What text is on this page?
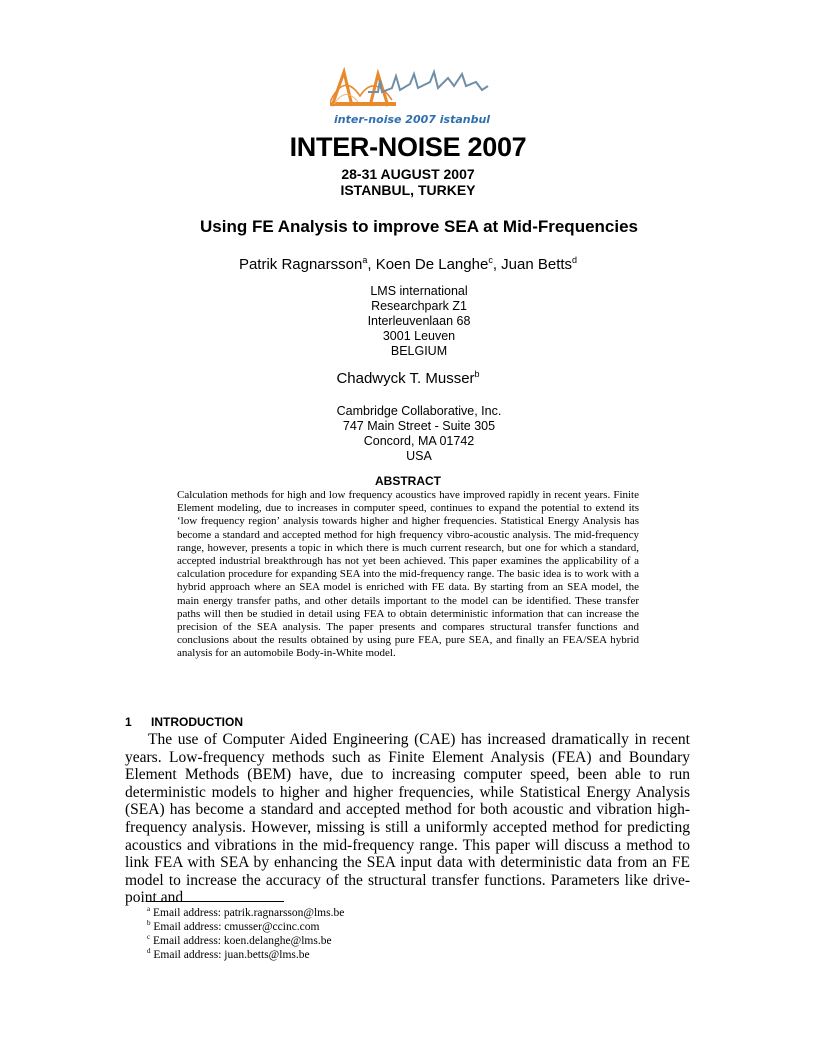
inter-noise 2007 istanbul
INTER-NOISE 2007
28-31 AUGUST 2007
ISTANBUL, TURKEY
Using FE Analysis to improve SEA at Mid-Frequencies
Patrik Ragnarsson$^a$, Koen De Langhe$^c$, Juan Betts$^d$
LMS international
Researchpark Z1
Interleuvenlaan 68
3001 Leuven
BELGIUM
Chadwyck T. Musser$^b$
Cambridge Collaborative, Inc.
747 Main Street - Suite 305
Concord, MA 01742
USA
ABSTRACT
Calculation methods for high and low frequency acoustics have improved rapidly in recent years. Finite Element modeling, due to increases in computer speed, continues to expand the potential to extend its ‘low frequency region’ analysis towards higher and higher frequencies. Statistical Energy Analysis has become a standard and accepted method for high frequency vibro-acoustic analysis. The mid-frequency range, however, presents a topic in which there is much current research, but one for which a standard, accepted industrial breakthrough has not yet been achieved. This paper examines the applicability of a calculation procedure for expanding SEA into the mid-frequency range. The basic idea is to work with a hybrid approach where an SEA model is enriched with FE data. By starting from an SEA model, the main energy transfer paths, and other details important to the model can be identified. These transfer paths will then be studied in detail using FEA to obtain deterministic information that can increase the precision of the SEA analysis. The paper presents and compares structural transfer functions and conclusions about the results obtained by using pure FEA, pure SEA, and finally an FEA/SEA hybrid analysis for an automobile Body-in-White model.
1 INTRODUCTION
The use of Computer Aided Engineering (CAE) has increased dramatically in recent years. Low-frequency methods such as Finite Element Analysis (FEA) and Boundary Element Methods (BEM) have, due to increasing computer speed, been able to run deterministic models to higher and higher frequencies, while Statistical Energy Analysis (SEA) has become a standard and accepted method for both acoustic and vibration high-frequency analysis. However, missing is still a uniformly accepted method for predicting acoustics and vibrations in the mid-frequency range. This paper will discuss a method to link FEA with SEA by enhancing the SEA input data with deterministic data from an FE model to increase the accuracy of the structural transfer functions. Parameters like drive-point and
$^a$ Email address: patrik.ragnarsson@lms.be
$^b$ Email address: cmusser@ccinc.com
$^c$ Email address: koen.delanghe@lms.be
$^d$ Email address: juan.betts@lms.be
